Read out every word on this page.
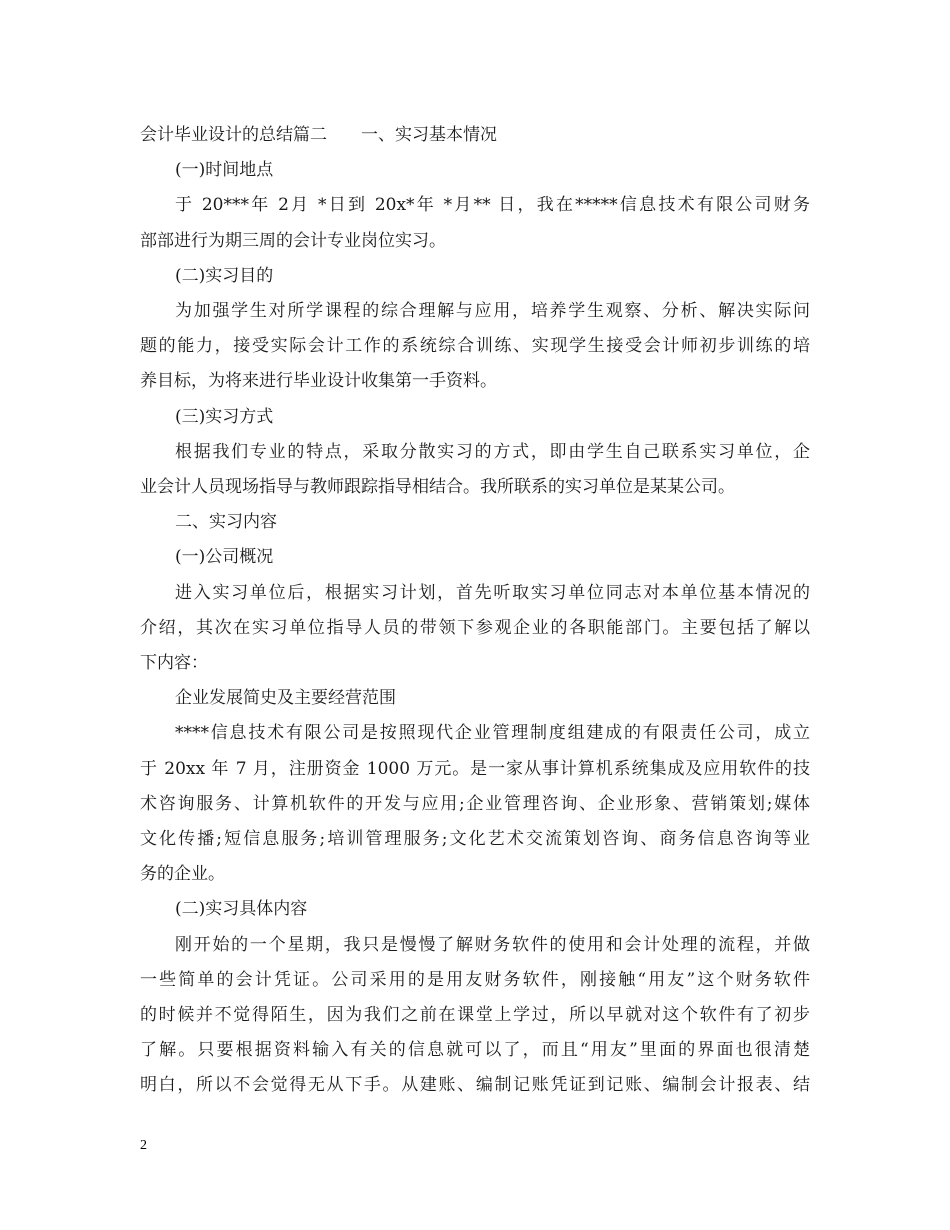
会计毕业设计的总结篇二　　一、实习基本情况
(一)时间地点
于 20***年 2月 *日到 20x*年 *月** 日，我在*****信息技术有限公司财务
部部进行为期三周的会计专业岗位实习。
(二)实习目的
为加强学生对所学课程的综合理解与应用，培养学生观察、分析、解决实际问
题的能力，接受实际会计工作的系统综合训练、实现学生接受会计师初步训练的培
养目标，为将来进行毕业设计收集第一手资料。
(三)实习方式
根据我们专业的特点，采取分散实习的方式，即由学生自己联系实习单位，企
业会计人员现场指导与教师跟踪指导相结合。我所联系的实习单位是某某公司。
二、实习内容
(一)公司概况
进入实习单位后，根据实习计划，首先听取实习单位同志对本单位基本情况的
介绍，其次在实习单位指导人员的带领下参观企业的各职能部门。主要包括了解以
下内容：
企业发展简史及主要经营范围
****信息技术有限公司是按照现代企业管理制度组建成的有限责任公司，成立
于 20xx 年 7 月，注册资金 1000 万元。是一家从事计算机系统集成及应用软件的技
术咨询服务、计算机软件的开发与应用;企业管理咨询、企业形象、营销策划;媒体
文化传播;短信息服务;培训管理服务;文化艺术交流策划咨询、商务信息咨询等业
务的企业。
(二)实习具体内容
刚开始的一个星期，我只是慢慢了解财务软件的使用和会计处理的流程，并做
一些简单的会计凭证。公司采用的是用友财务软件，刚接触“用友”这个财务软件
的时候并不觉得陌生，因为我们之前在课堂上学过，所以早就对这个软件有了初步
了解。只要根据资料输入有关的信息就可以了，而且“用友”里面的界面也很清楚
明白，所以不会觉得无从下手。从建账、编制记账凭证到记账、编制会计报表、结
2
